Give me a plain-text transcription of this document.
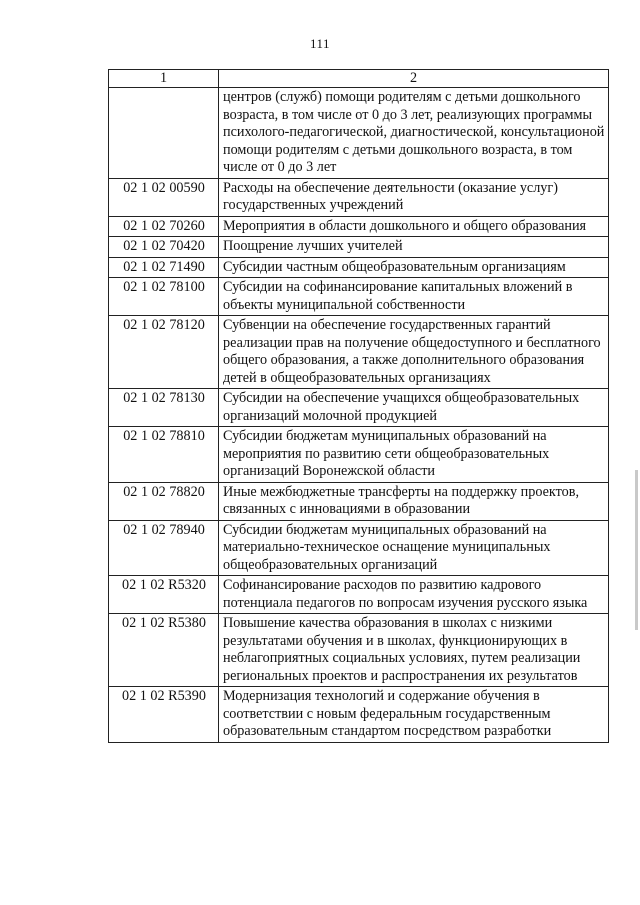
111
1	2
	центров (служб) помощи родителям с детьми дошкольного возраста, в том числе от 0 до 3 лет, реализующих программы психолого-педагогической, диагностической, консультационой помощи родителям с детьми дошкольного возраста, в том числе от 0 до 3 лет
02 1 02 00590	Расходы на обеспечение деятельности (оказание услуг) государственных учреждений
02 1 02 70260	Мероприятия в области дошкольного и общего образования
02 1 02 70420	Поощрение лучших учителей
02 1 02 71490	Субсидии частным общеобразовательным организациям
02 1 02 78100	Субсидии на софинансирование капитальных вложений в объекты муниципальной собственности
02 1 02 78120	Субвенции на обеспечение государственных гарантий реализации прав на получение общедоступного и бесплатного общего образования, а также дополнительного образования детей в общеобразовательных организациях
02 1 02 78130	Субсидии на обеспечение учащихся общеобразовательных организаций молочной продукцией
02 1 02 78810	Субсидии бюджетам муниципальных образований на мероприятия по развитию сети общеобразовательных организаций Воронежской области
02 1 02 78820	Иные межбюджетные трансферты на поддержку проектов, связанных с инновациями в образовании
02 1 02 78940	Субсидии бюджетам муниципальных образований на материально-техническое оснащение муниципальных общеобразовательных организаций
02 1 02 R5320	Софинансирование расходов по развитию кадрового потенциала педагогов по вопросам изучения русского языка
02 1 02 R5380	Повышение качества образования в школах с низкими результатами обучения и в школах, функционирующих в неблагоприятных социальных условиях, путем реализации региональных проектов и распространения их результатов
02 1 02 R5390	Модернизация технологий и содержание обучения в соответствии с новым федеральным государственным образовательным стандартом посредством разработки
